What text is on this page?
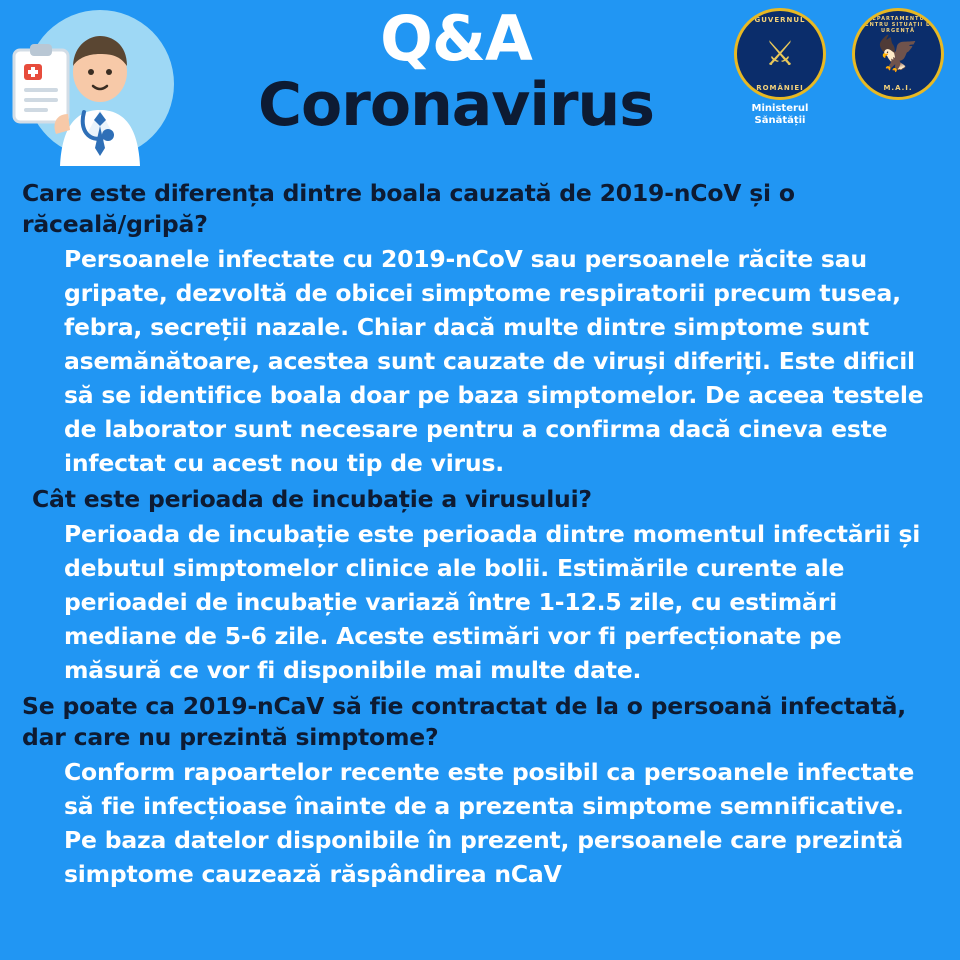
Q&A
Coronavirus
GUVERNUL
⚔
ROMÂNIEI
Ministerul Sănătății
DEPARTAMENTUL PENTRU SITUAȚII DE URGENȚĂ
🦅
M.A.I.
Care este diferența dintre boala cauzată de 2019-nCoV și o răceală/gripă?
Persoanele infectate cu 2019-nCoV sau persoanele răcite sau gripate, dezvoltă de obicei simptome respiratorii precum tusea, febra, secreții nazale. Chiar dacă multe dintre simptome sunt asemănătoare, acestea sunt cauzate de viruși diferiți. Este dificil să se identifice boala doar pe baza simptomelor. De aceea testele de laborator sunt necesare pentru a confirma dacă cineva este infectat cu acest nou tip de virus.
Cât este perioada de incubație a virusului?
Perioada de incubație este perioada dintre momentul infectării și debutul simptomelor clinice ale bolii. Estimările curente ale perioadei de incubație variază între 1-12.5 zile, cu estimări mediane de 5-6 zile. Aceste estimări vor fi perfecționate pe măsură ce vor fi disponibile mai multe date.
Se poate ca 2019-nCaV să fie contractat de la o persoană infectată, dar care nu prezintă simptome?
Conform rapoartelor recente este posibil ca persoanele infectate să fie infecțioase înainte de a prezenta simptome semnificative. Pe baza datelor disponibile în prezent, persoanele care prezintă simptome cauzează răspândirea nCaV
